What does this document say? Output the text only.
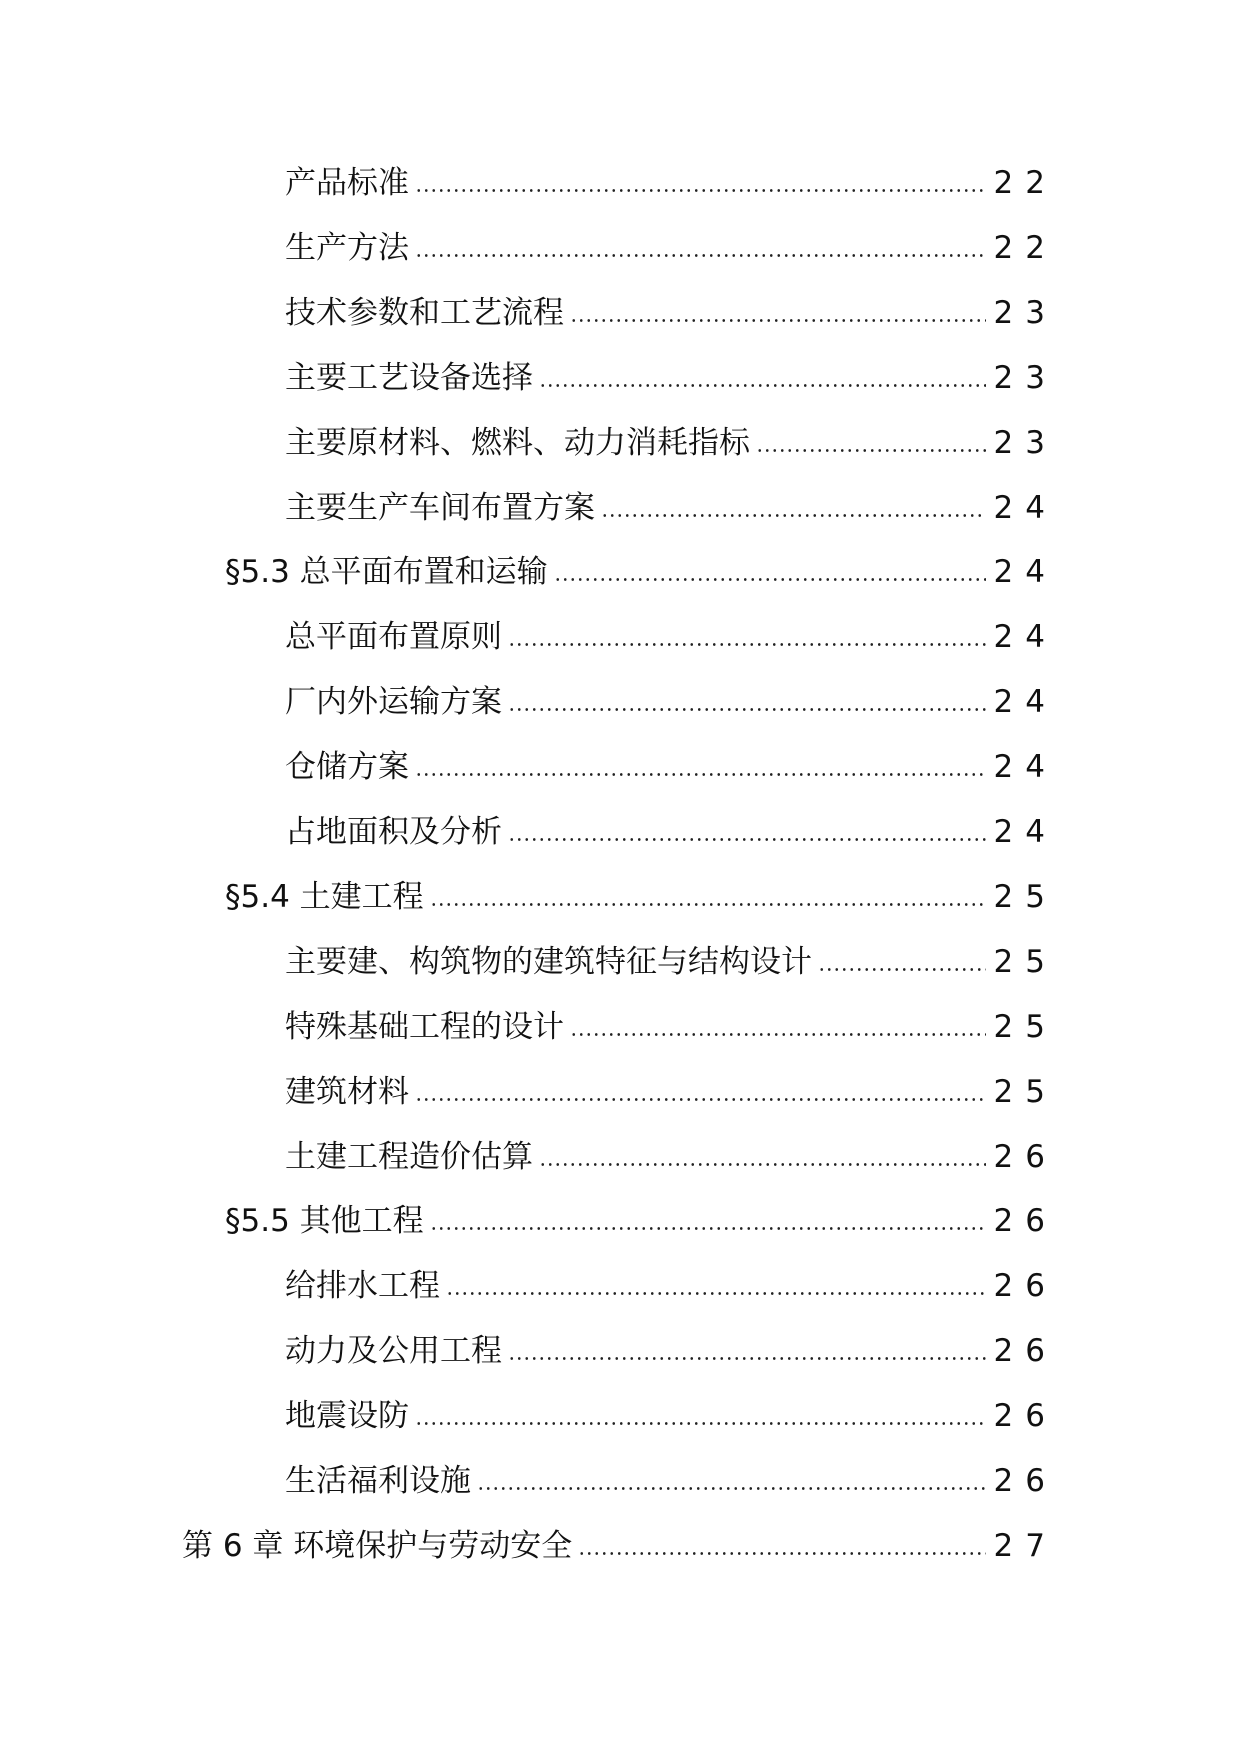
产品标准	22
生产方法	22
技术参数和工艺流程	23
主要工艺设备选择	23
主要原材料、燃料、动力消耗指标	23
主要生产车间布置方案	24
§5.3 总平面布置和运输	24
总平面布置原则	24
厂内外运输方案	24
仓储方案	24
占地面积及分析	24
§5.4 土建工程	25
主要建、构筑物的建筑特征与结构设计	25
特殊基础工程的设计	25
建筑材料	25
土建工程造价估算	26
§5.5 其他工程	26
给排水工程	26
动力及公用工程	26
地震设防	26
生活福利设施	26
第 6 章 环境保护与劳动安全	27
